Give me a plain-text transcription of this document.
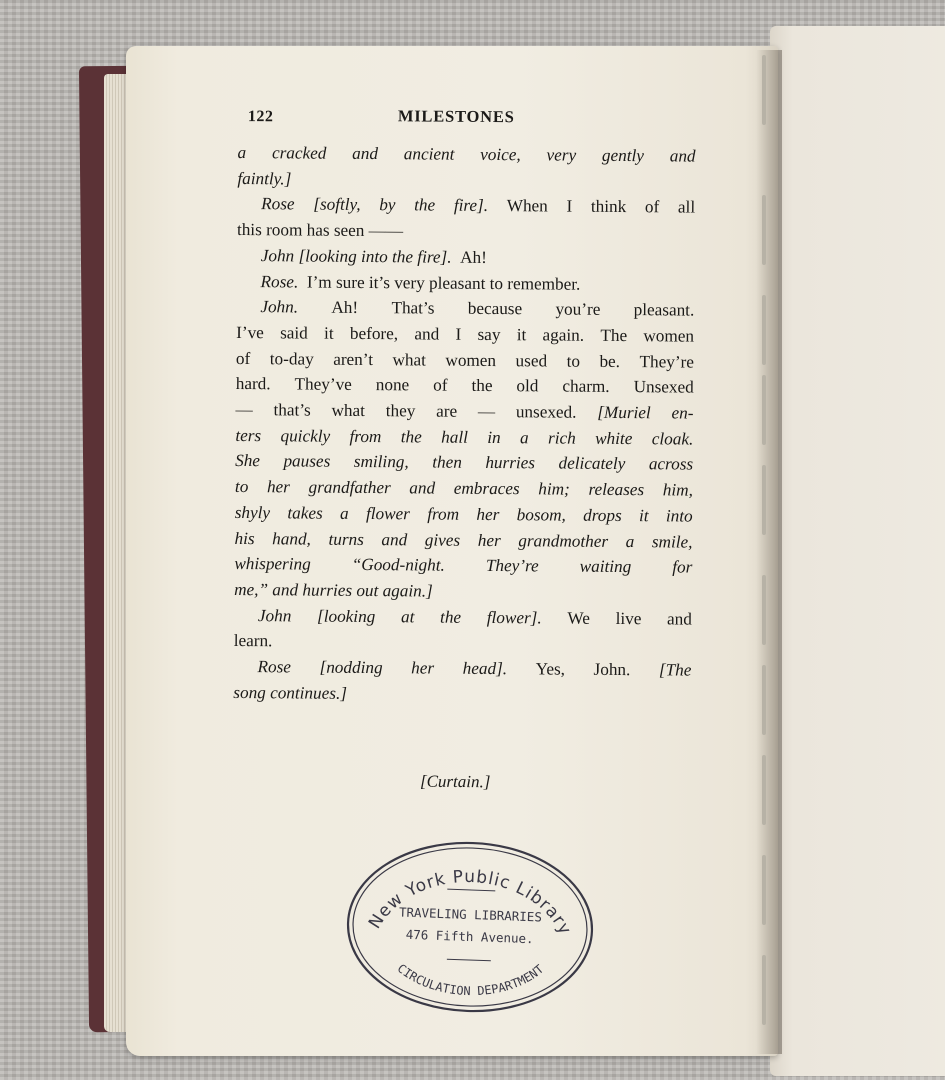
122	MILESTONES
a cracked and ancient voice, very gently and
faintly.]
Rose [softly, by the fire]. When I think of all
this room has seen ——
John [looking into the fire].  Ah!
Rose.  I’m sure it’s very pleasant to remember.
John. Ah! That’s because you’re pleasant.
I’ve said it before, and I say it again. The women
of to-day aren’t what women used to be. They’re
hard. They’ve none of the old charm. Unsexed
— that’s what they are — unsexed. [Muriel en-
ters quickly from the hall in a rich white cloak.
She pauses smiling, then hurries delicately across
to her grandfather and embraces him; releases him,
shyly takes a flower from her bosom, drops it into
his hand, turns and gives her grandmother a smile,
whispering “Good-night. They’re waiting for
me,” and hurries out again.]
John [looking at the flower]. We live and
learn.
Rose [nodding her head]. Yes, John. [The
song continues.]
[Curtain.]
New York Public Library
TRAVELING LIBRARIES
476 Fifth Avenue.
CIRCULATION DEPARTMENT
